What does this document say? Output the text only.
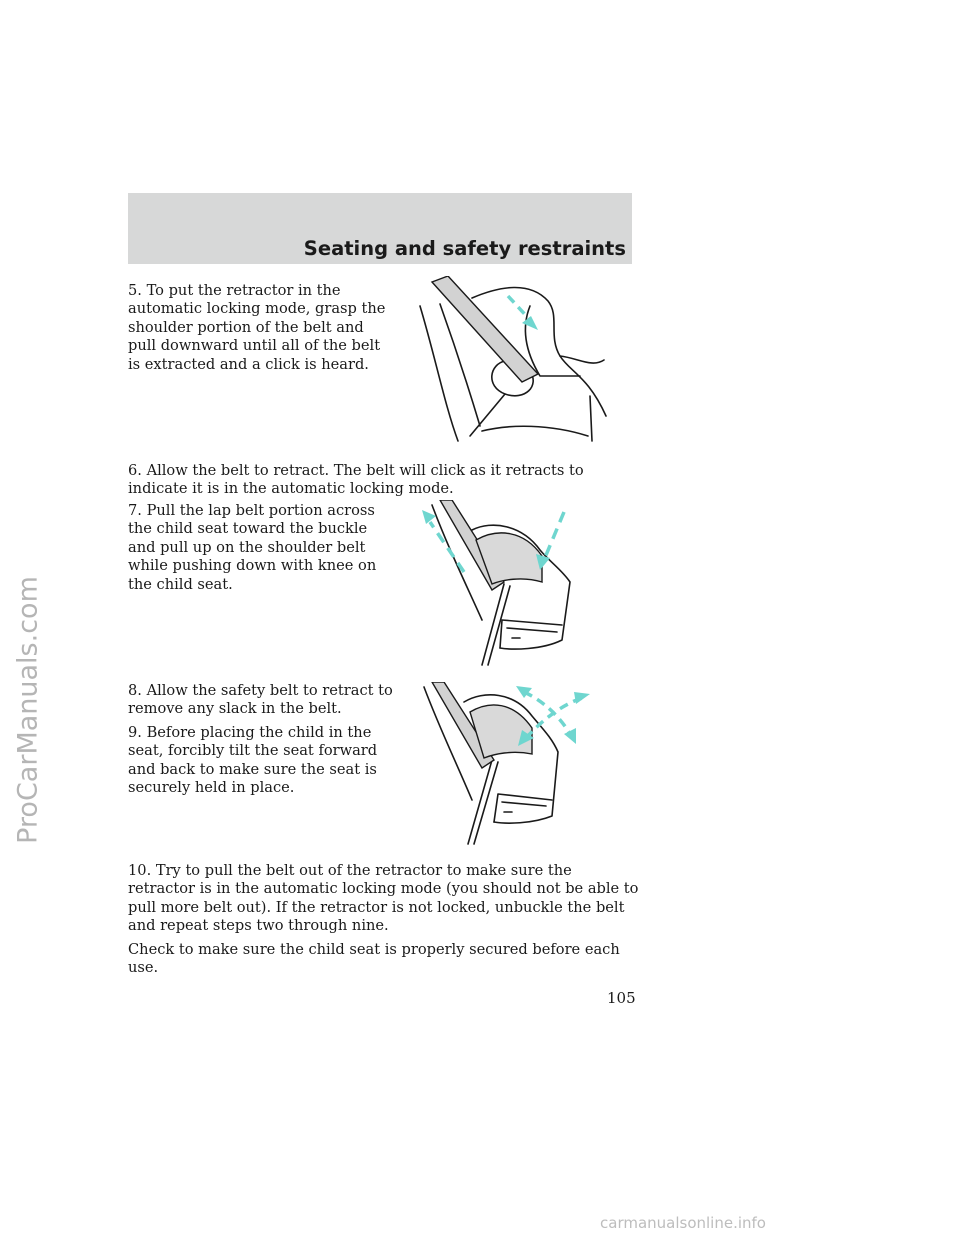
ProCarManuals.com
Seating and safety restraints

5. To put the retractor in the automatic locking mode, grasp the shoulder portion of the belt and pull downward until all of the belt is extracted and a click is heard.

6. Allow the belt to retract. The belt will click as it retracts to indicate it is in the automatic locking mode.

7. Pull the lap belt portion across the child seat toward the buckle and pull up on the shoulder belt while pushing down with knee on the child seat.

8. Allow the safety belt to retract to remove any slack in the belt.

9. Before placing the child in the seat, forcibly tilt the seat forward and back to make sure the seat is securely held in place.

10. Try to pull the belt out of the retractor to make sure the retractor is in the automatic locking mode (you should not be able to pull more belt out). If the retractor is not locked, unbuckle the belt and repeat steps two through nine.

Check to make sure the child seat is properly secured before each use.

105
carmanualsonline.info
